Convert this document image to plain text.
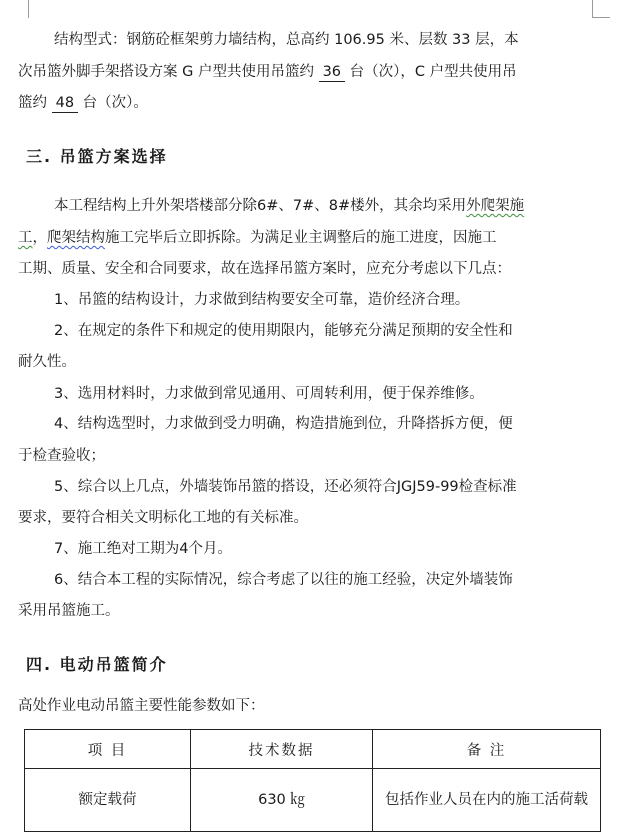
结构型式：钢筋砼框架剪力墙结构，总高约 106.95 米、层数 33 层，本
次吊篮外脚手架搭设方案 G 户型共使用吊篮约 36 台（次），C 户型共使用吊
篮约 48 台（次）。
三. 吊篮方案选择
本工程结构上升外架塔楼部分除6#、7#、8#楼外，其余均采用外爬架施
工，爬架结构施工完毕后立即拆除。为满足业主调整后的施工进度，因施工
工期、质量、安全和合同要求，故在选择吊篮方案时，应充分考虑以下几点：
1、吊篮的结构设计，力求做到结构要安全可靠，造价经济合理。
2、在规定的条件下和规定的使用期限内，能够充分满足预期的安全性和
耐久性。
3、选用材料时，力求做到常见通用、可周转利用，便于保养维修。
4、结构选型时，力求做到受力明确，构造措施到位，升降搭拆方便，便
于检查验收；
5、综合以上几点，外墙装饰吊篮的搭设，还必须符合JGJ59-99检查标准
要求，要符合相关文明标化工地的有关标准。
7、施工绝对工期为4个月。
6、结合本工程的实际情况，综合考虑了以往的施工经验，决定外墙装饰
采用吊篮施工。
四. 电动吊篮简介
高处作业电动吊篮主要性能参数如下：
项 目	技术数据	备 注
额定载荷	630 ㎏	包括作业人员在内的施工活荷载
